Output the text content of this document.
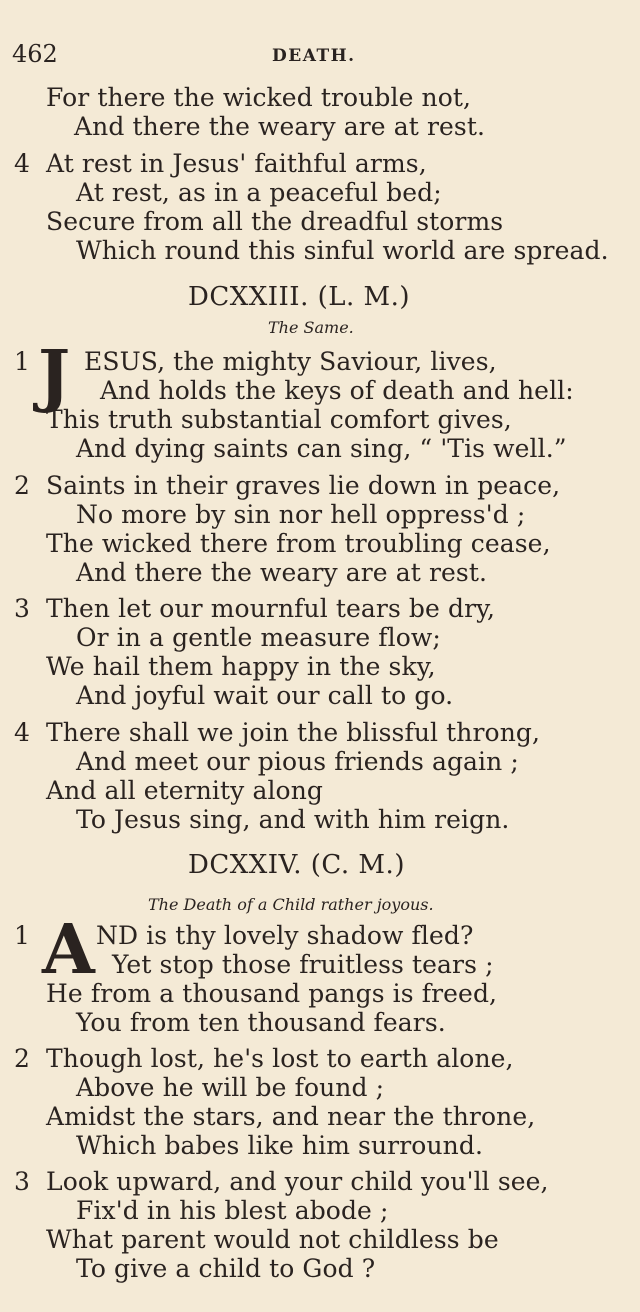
462	DEATH.
For there the wicked trouble not,
And there the weary are at rest.
4 At rest in Jesus' faithful arms,
At rest, as in a peaceful bed;
Secure from all the dreadful storms
Which round this sinful world are spread.
DCXXIII. (L. M.)
The Same.
1 J ESUS, the mighty Saviour, lives,
And holds the keys of death and hell:
This truth substantial comfort gives,
And dying saints can sing, “ 'Tis well.”
2 Saints in their graves lie down in peace,
No more by sin nor hell oppress'd ;
The wicked there from troubling cease,
And there the weary are at rest.
3 Then let our mournful tears be dry,
Or in a gentle measure flow;
We hail them happy in the sky,
And joyful wait our call to go.
4 There shall we join the blissful throng,
And meet our pious friends again ;
And all eternity along
To Jesus sing, and with him reign.
DCXXIV. (C. M.)
The Death of a Child rather joyous.
1 A ND is thy lovely shadow fled?
Yet stop those fruitless tears ;
He from a thousand pangs is freed,
You from ten thousand fears.
2 Though lost, he's lost to earth alone,
Above he will be found ;
Amidst the stars, and near the throne,
Which babes like him surround.
3 Look upward, and your child you'll see,
Fix'd in his blest abode ;
What parent would not childless be
To give a child to God ?
